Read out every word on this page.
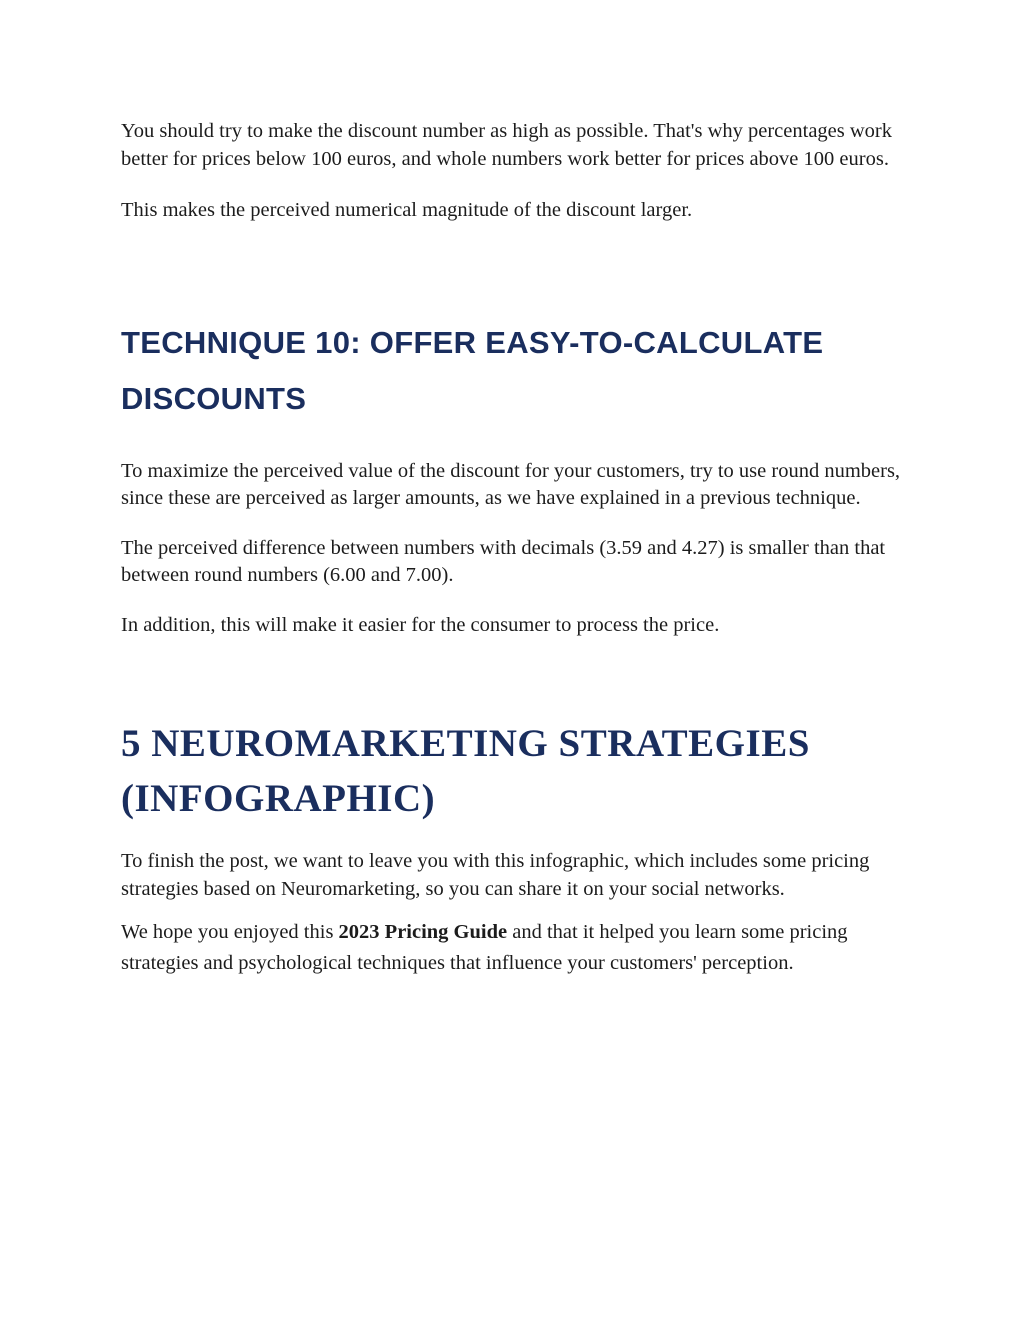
You should try to make the discount number as high as possible. That's why percentages work better for prices below 100 euros, and whole numbers work better for prices above 100 euros.

This makes the perceived numerical magnitude of the discount larger.

TECHNIQUE 10: OFFER EASY-TO-CALCULATE DISCOUNTS

To maximize the perceived value of the discount for your customers, try to use round numbers, since these are perceived as larger amounts, as we have explained in a previous technique.

The perceived difference between numbers with decimals (3.59 and 4.27) is smaller than that between round numbers (6.00 and 7.00).

In addition, this will make it easier for the consumer to process the price.

5 NEUROMARKETING STRATEGIES (INFOGRAPHIC)

To finish the post, we want to leave you with this infographic, which includes some pricing strategies based on Neuromarketing, so you can share it on your social networks.

We hope you enjoyed this 2023 Pricing Guide and that it helped you learn some pricing strategies and psychological techniques that influence your customers' perception.
